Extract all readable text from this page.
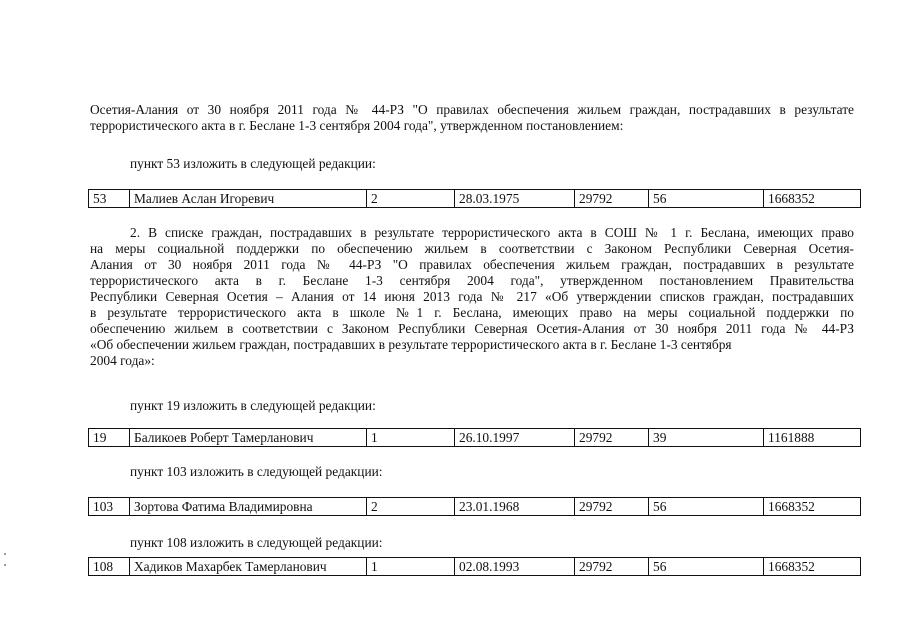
Осетия-Алания от 30 ноября 2011 года № 44-РЗ "О правилах обеспечения жильем граждан, пострадавших в результате
террористического акта в г. Беслане 1-3 сентября 2004 года", утвержденном постановлением:

пункт 53 изложить в следующей редакции:

53	Малиев Аслан Игоревич	2	28.03.1975	29792	56	1668352
2. В списке граждан, пострадавших в результате террористического акта в СОШ № 1 г. Беслана, имеющих право
на меры социальной поддержки по обеспечению жильем в соответствии с Законом Республики Северная Осетия-
Алания от 30 ноября 2011 года № 44-РЗ "О правилах обеспечения жильем граждан, пострадавших в результате
террористического акта в г. Беслане 1-3 сентября 2004 года", утвержденном постановлением Правительства
Республики Северная Осетия – Алания от 14 июня 2013 года № 217 «Об утверждении списков граждан, пострадавших
в результате террористического акта в школе №1 г. Беслана, имеющих право на меры социальной поддержки по
обеспечению жильем в соответствии с Законом Республики Северная Осетия-Алания от 30 ноября 2011 года № 44-РЗ
«Об обеспечении жильем граждан, пострадавших в результате террористического акта в г. Беслане 1-3 сентября
2004 года»:

пункт 19 изложить в следующей редакции:

19	Баликоев Роберт Тамерланович	1	26.10.1997	29792	39	1161888

пункт 103 изложить в следующей редакции:

103	Зортова Фатима Владимировна	2	23.01.1968	29792	56	1668352

пункт 108 изложить в следующей редакции:

108	Хадиков Махарбек Тамерланович	1	02.08.1993	29792	56	1668352
